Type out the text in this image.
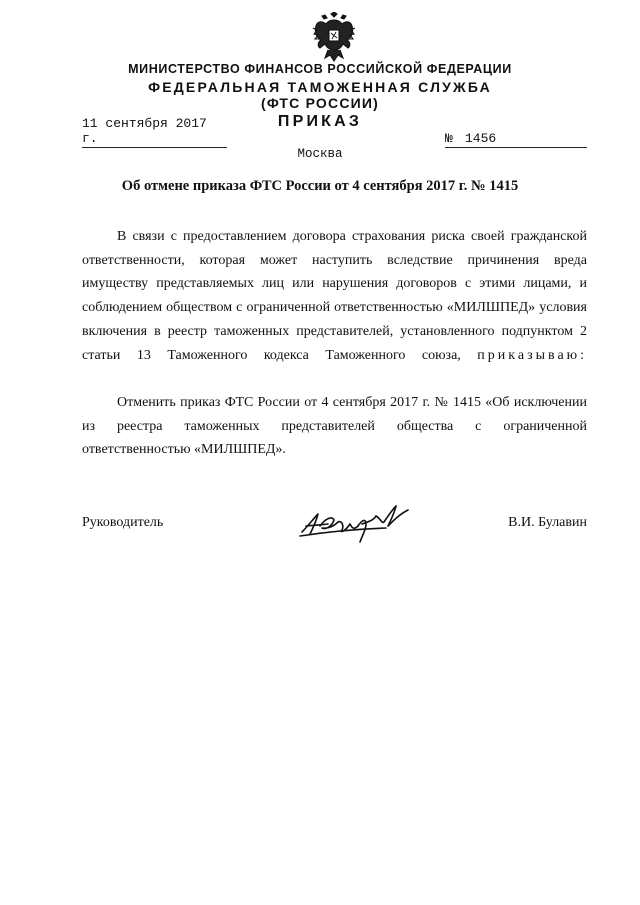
МИНИСТЕРСТВО ФИНАНСОВ РОССИЙСКОЙ ФЕДЕРАЦИИ
ФЕДЕРАЛЬНАЯ ТАМОЖЕННАЯ СЛУЖБА
(ФТС РОССИИ)
ПРИКАЗ
11 сентября 2017 г.	№ 1456
Москва
Об отмене приказа ФТС России от 4 сентября 2017 г. № 1415

В связи с предоставлением договора страхования риска своей гражданской ответственности, которая может наступить вследствие причинения вреда имуществу представляемых лиц или нарушения договоров с этими лицами, и соблюдением обществом с ограниченной ответственностью «МИЛШПЕД» условия включения в реестр таможенных представителей, установленного подпунктом 2 статьи 13 Таможенного кодекса Таможенного союза, приказываю:

Отменить приказ ФТС России от 4 сентября 2017 г. № 1415 «Об исключении из реестра таможенных представителей общества с ограниченной ответственностью «МИЛШПЕД».

Руководитель	В.И. Булавин
